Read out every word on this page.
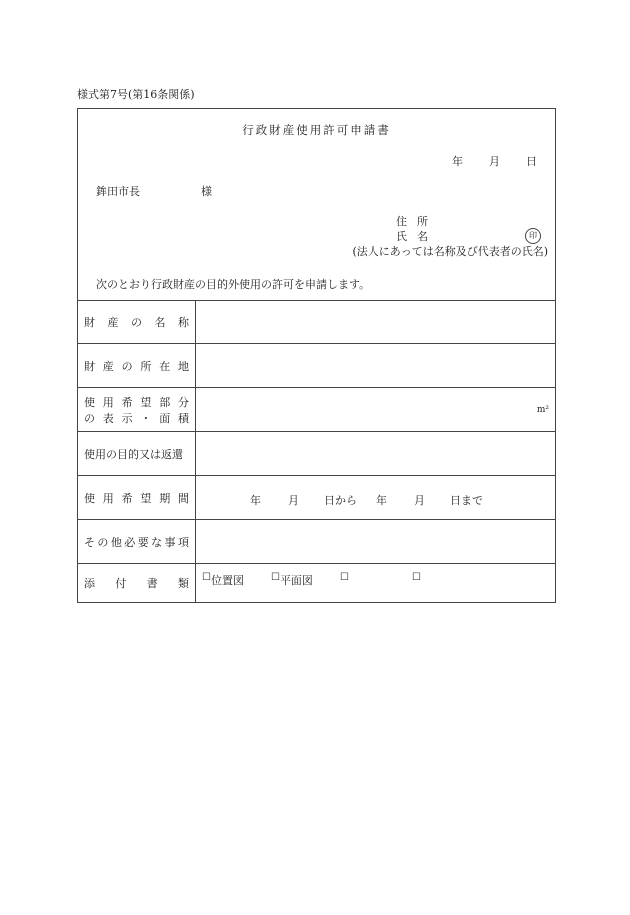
様式第7号(第16条関係)
行政財産使用許可申請書
年 月 日
鉾田市長	様
住 所
氏 名	印
(法人にあっては名称及び代表者の氏名)
次のとおり行政財産の目的外使用の許可を申請します。
財 産 の 名 称
財 産 の 所 在 地
使 用 希 望 部 分
の 表 示 ・ 面 積
m²
使用の目的又は返還
使 用 希 望 期 間	年	月	日から	年	月	日まで
そ の 他 必 要 な 事 項
添 付 書 類 ☐ 位置図	☐ 平面図	☐	☐
